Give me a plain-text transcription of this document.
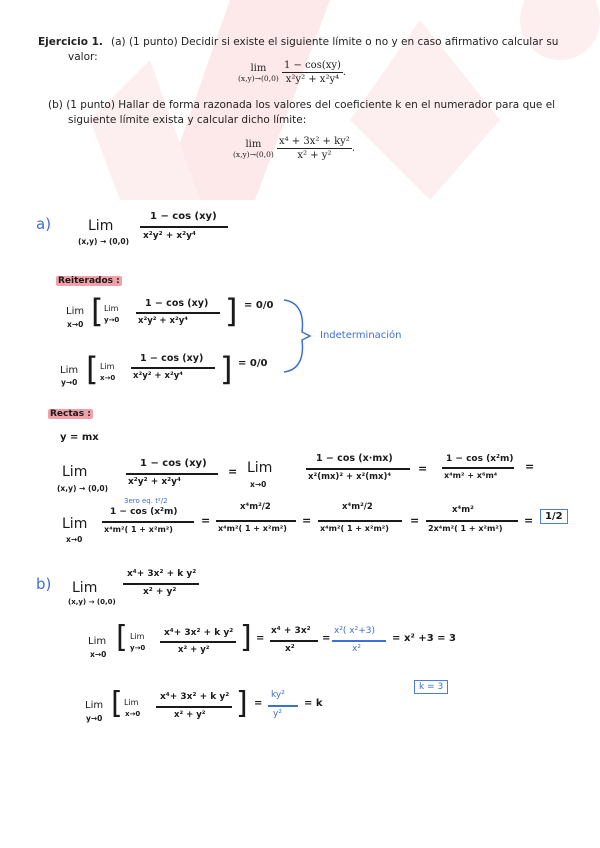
Ejercicio 1. (a) (1 punto) Decidir si existe el siguiente límite o no y en caso afirmativo calcular su
valor:
lim
(x,y)→(0,0)
$\frac{1 - \cos(xy)}{\text{x²y² + x²y⁴}}$ .
(b) (1 punto) Hallar de forma razonada los valores del coeficiente k en el numerador para que el
siguiente límite exista y calcular dicho límite:
lim
(x,y)→(0,0)
$\frac{\text{x⁴ + 3x² + ky²}}{\text{x² + y²}}$ .
a)	Lim
(x,y) → (0,0)
1 − cos (xy)
x²y² + x²y⁴
Reiterados :
Lim
x→0 [ Lim
y→0
1 − cos (xy)
x²y² + x²y⁴ ] = 0/0
Lim
y→0 [ Lim
x→0
1 − cos (xy)
x²y² + x²y⁴ ] = 0/0
Indeterminación
Rectas :
y = mx
Lim
(x,y) → (0,0)
1 − cos (xy)
x²y² + x²y⁴
= Lim
x→0
1 − cos (x·mx)
x²(mx)² + x²(mx)⁴
=
1 − cos (x²m)
x⁴m² + x⁶m⁴
=
Lim
x→0
3ero eq. t²/2
1 − cos (x²m)
x⁴m²( 1 + x²m²)
=
x⁴m²/2
x⁴m²( 1 + x²m²)
=
x⁴m²/2
x⁴m²( 1 + x²m²)
=
x⁴m²
2x⁴m²( 1 + x²m²)
=	1/2
b) Lim
(x,y) → (0,0)
x⁴+ 3x² + k y²
x² + y²
Lim
x→0 [ Lim
y→0
x⁴+ 3x² + k y²
x² + y² ] =
x⁴ + 3x²
x²
=
x²( x²+3)
x²
= x² +3 = 3
k = 3
Lim
y→0 [ Lim
x→0
x⁴+ 3x² + k y²
x² + y² ] =
ky²
y²
= k
